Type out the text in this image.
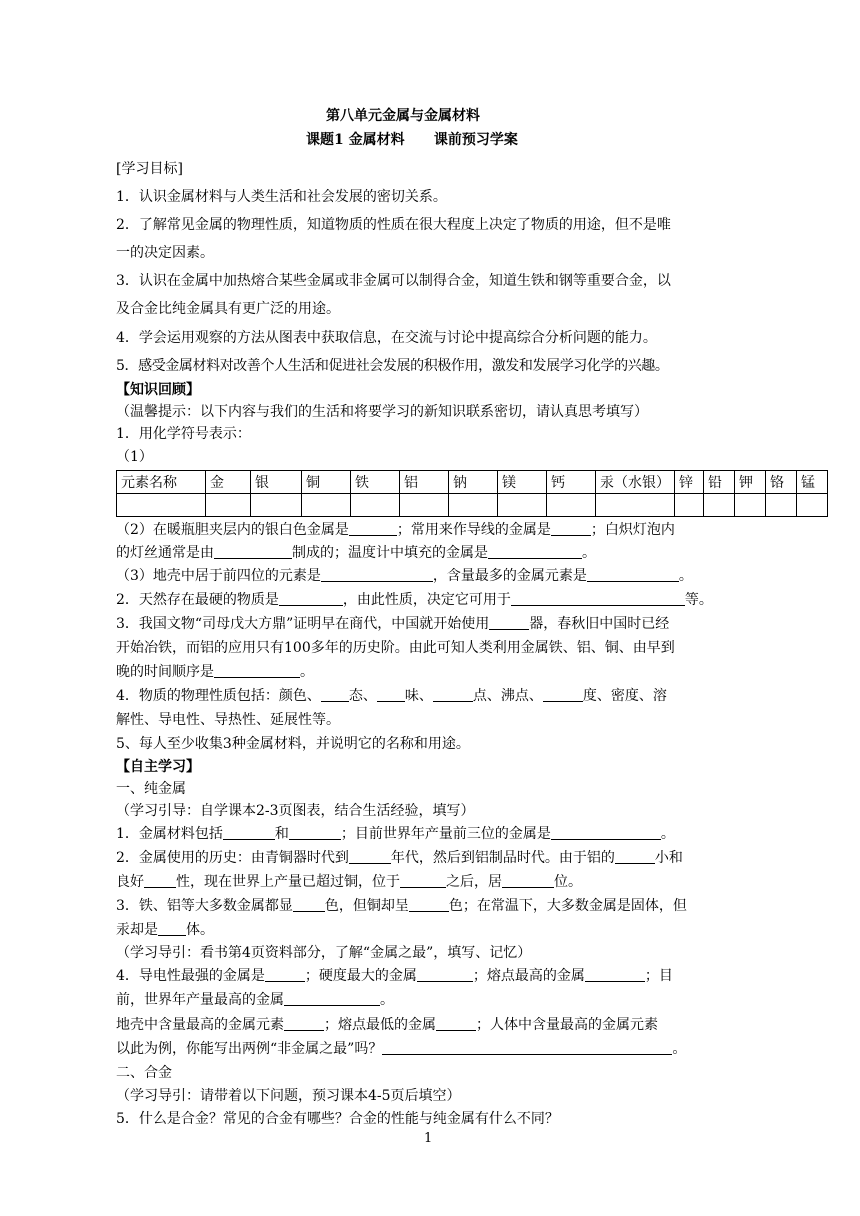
第八单元金属与金属材料
课题1 金属材料      课前预习学案
[学习目标]
1．认识金属材料与人类生活和社会发展的密切关系。
2．了解常见金属的物理性质，知道物质的性质在很大程度上决定了物质的用途，但不是唯
一的决定因素。
3．认识在金属中加热熔合某些金属或非金属可以制得合金，知道生铁和钢等重要合金，以
及合金比纯金属具有更广泛的用途。
4．学会运用观察的方法从图表中获取信息，在交流与讨论中提高综合分析问题的能力。
5．感受金属材料对改善个人生活和促进社会发展的积极作用，激发和发展学习化学的兴趣。
【知识回顾】
（温馨提示：以下内容与我们的生活和将要学习的新知识联系密切，请认真思考填写）
1．用化学符号表示：
（1）
元素名称	金	银	铜	铁	铝	钠	镁	钙	汞（水银）	锌	铅	钾	铬	锰

（2）在暖瓶胆夹层内的银白色金属是	；常用来作导线的金属是	；白炽灯泡内
的灯丝通常是由	制成的；温度计中填充的金属是	。
（3）地壳中居于前四位的元素是	，含量最多的金属元素是	。
2．天然存在最硬的物质是	，由此性质，决定它可用于	等。
3．我国文物“司母戊大方鼎”证明早在商代，中国就开始使用	器，春秋旧中国时已经
开始冶铁，而铝的应用只有100多年的历史阶。由此可知人类利用金属铁、铝、铜、由早到
晚的时间顺序是	。
4．物质的物理性质包括：颜色、 态、 味、	点、沸点、	度、密度、溶
解性、导电性、导热性、延展性等。
5、每人至少收集3种金属材料，并说明它的名称和用途。
【自主学习】
一、纯金属
（学习引导：自学课本2-3页图表，结合生活经验，填写）
1．金属材料包括	和	；目前世界年产量前三位的金属是	。
2．金属使用的历史：由青铜器时代到	年代，然后到铝制品时代。由于铝的	小和
良好 性，现在世界上产量已超过铜，位于	之后，居	位。
3．铁、铝等大多数金属都显 色，但铜却呈	色；在常温下，大多数金属是固体，但
汞却是 体。
（学习导引：看书第4页资料部分，了解“金属之最”，填写、记忆）
4．导电性最强的金属是	；硬度最大的金属	；熔点最高的金属	；目
前，世界年产量最高的金属	。
地壳中含量最高的金属元素	；熔点最低的金属	；人体中含量最高的金属元素
以此为例，你能写出两例“非金属之最”吗？	。
二、合金
（学习导引：请带着以下问题，预习课本4-5页后填空）
5．什么是合金？常见的合金有哪些？合金的性能与纯金属有什么不同？
1
